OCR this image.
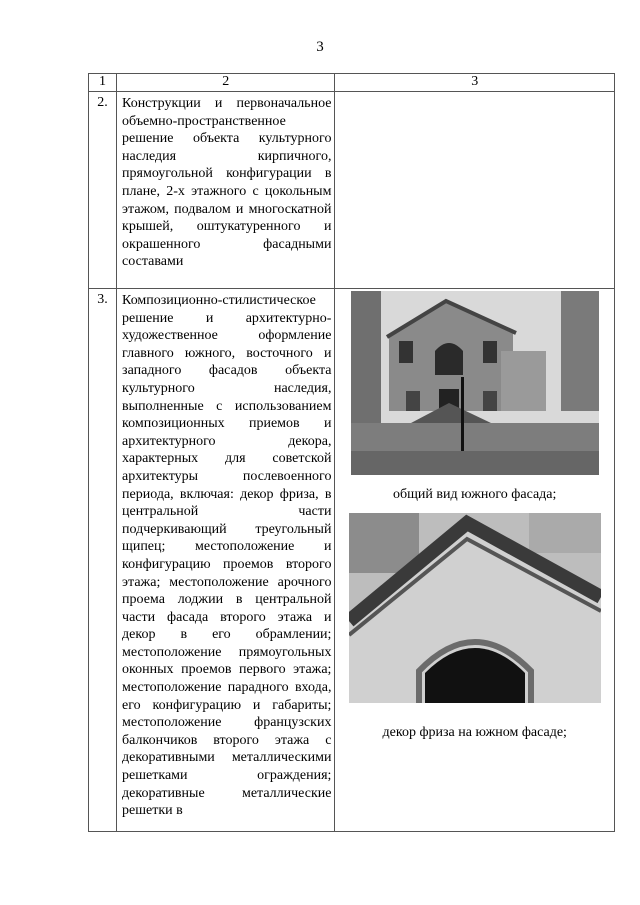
3
1	2	3
2.	Конструкции и первоначальное объемно-пространственное решение объекта культурного наследия кирпичного, прямоугольной конфигурации в плане, 2-х этажного с цокольным этажом, подвалом и многоскатной крышей, оштукатуренного и окрашенного фасадными составами	

3.	Композиционно-стилистическое решение и архитектурно-художественное оформление главного южного, восточного и западного фасадов объекта культурного наследия, выполненные с использованием композиционных приемов и архитектурного декора, характерных для советской архитектуры послевоенного периода, включая: декор фриза, в центральной части подчеркивающий треугольный щипец; местоположение и конфигурацию проемов второго этажа; местоположение арочного проема лоджии в центральной части фасада второго этажа и декор в его обрамлении; местоположение прямоугольных оконных проемов первого этажа; местоположение парадного входа, его конфигурацию и габариты; местоположение французских балкончиков второго этажа с декоративными металлическими решетками ограждения; декоративные металлические решетки в	общий вид южного фасада;
декор фриза на южном фасаде;
